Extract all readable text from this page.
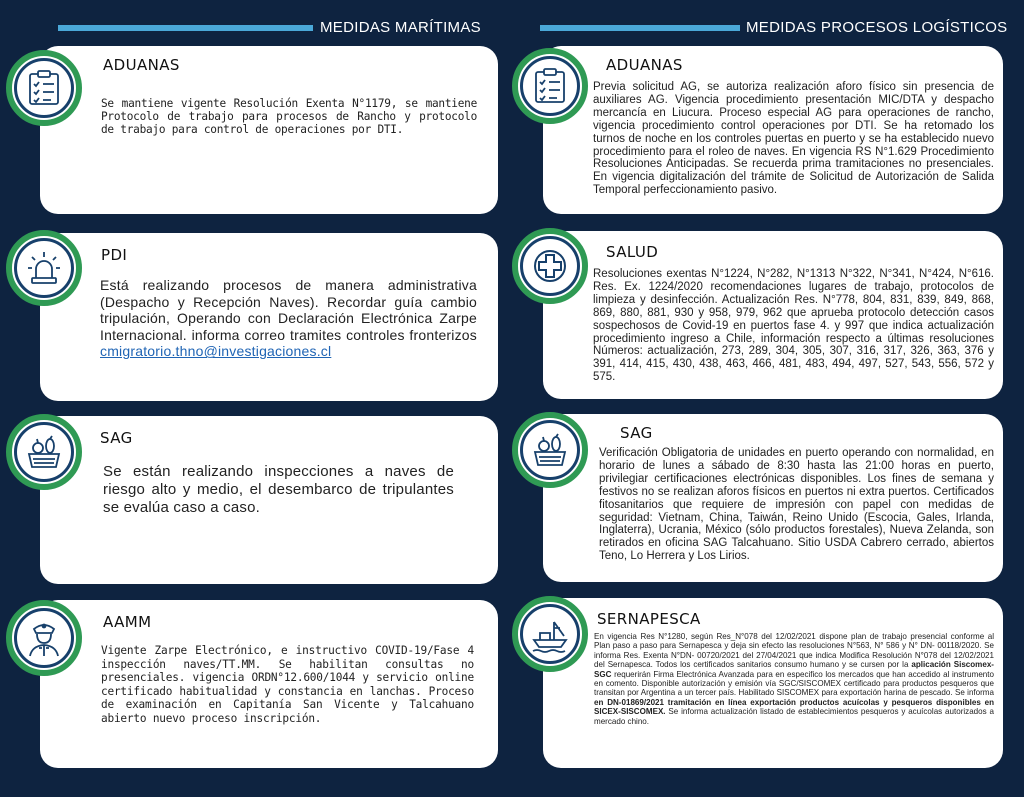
MEDIDAS MARÍTIMAS	MEDIDAS PROCESOS LOGÍSTICOS
ADUANAS
Se mantiene vigente Resolución Exenta N°1179, se mantiene Protocolo de trabajo para procesos de Rancho y protocolo de trabajo para control de operaciones por DTI.
PDI
Está realizando procesos de manera administrativa (Despacho y Recepción Naves). Recordar guía cambio tripulación, Operando con Declaración Electrónica Zarpe Internacional. informa correo tramites controles fronterizos cmigratorio.thno@investigaciones.cl
SAG
Se están realizando inspecciones a naves de riesgo alto y medio, el desembarco de tripulantes se evalúa caso a caso.
AAMM
Vigente Zarpe Electrónico, e instructivo COVID-19/Fase 4 inspección naves/TT.MM. Se habilitan consultas no presenciales. vigencia ORDN°12.600/1044 y servicio online certificado habitualidad y constancia en lanchas. Proceso de examinación en Capitanía San Vicente y Talcahuano abierto nuevo proceso inscripción.
ADUANAS
Previa solicitud AG, se autoriza realización aforo físico sin presencia de auxiliares AG. Vigencia procedimiento presentación MIC/DTA y despacho mercancía en Liucura. Proceso especial AG para operaciones de rancho, vigencia procedimiento control operaciones por DTI. Se ha retomado los turnos de noche en los controles puertas en puerto y se ha establecido nuevo procedimiento para el roleo de naves. En vigencia RS N°1.629 Procedimiento Resoluciones Anticipadas. Se recuerda prima tramitaciones no presenciales. En vigencia digitalización del trámite de Solicitud de Autorización de Salida Temporal perfeccionamiento pasivo.
SALUD
Resoluciones exentas N°1224, N°282, N°1313 N°322, N°341, N°424, N°616. Res. Ex. 1224/2020 recomendaciones lugares de trabajo, protocolos de limpieza y desinfección. Actualización Res. N°778, 804, 831, 839, 849, 868, 869, 880, 881, 930 y 958, 979, 962 que aprueba protocolo detección casos sospechosos de Covid-19 en puertos fase 4. y 997 que indica actualización procedimiento ingreso a Chile, información respecto a últimas resoluciones Números: actualización, 273, 289, 304, 305, 307, 316, 317, 326, 363, 376 y 391, 414, 415, 430, 438, 463, 466, 481, 483, 494, 497, 527, 543, 556, 572 y 575.
SAG
Verificación Obligatoria de unidades en puerto operando con normalidad, en horario de lunes a sábado de 8:30 hasta las 21:00 horas en puerto, privilegiar certificaciones electrónicas disponibles. Los fines de semana y festivos no se realizan aforos físicos en puertos ni extra puertos. Certificados fitosanitarios que requiere de impresión con papel con medidas de seguridad: Vietnam, China, Taiwán, Reino Unido (Escocia, Gales, Irlanda, Inglaterra), Ucrania, México (sólo productos forestales), Nueva Zelanda, son retirados en oficina SAG Talcahuano. Sitio USDA Cabrero cerrado, abiertos Teno, Lo Herrera y Los Lirios.
SERNAPESCA
En vigencia Res N°1280, según Res_N°078 del 12/02/2021 dispone plan de trabajo presencial conforme al Plan paso a paso para Sernapesca y deja sin efecto las resoluciones N°563, N° 586 y N° DN- 00118/2020. Se informa Res. Exenta N°DN- 00720/2021 del 27/04/2021 que indica Modifica Resolución N°078 del 12/02/2021 del Sernapesca. Todos los certificados sanitarios consumo humano y se cursen por la aplicación Siscomex-SGC requerirán Firma Electrónica Avanzada para en especifico los mercados que han accedido al instrumento en comento. Disponible autorización y emisión vía SGC/SISCOMEX certificado para productos pesqueros que transitan por Argentina a un tercer país. Habilitado SISCOMEX para exportación harina de pescado. Se informa en DN-01869/2021 tramitación en línea exportación productos acuícolas y pesqueros disponibles en SICEX-SISCOMEX. Se informa actualización listado de establecimientos pesqueros y acuícolas autorizados a mercado chino.
